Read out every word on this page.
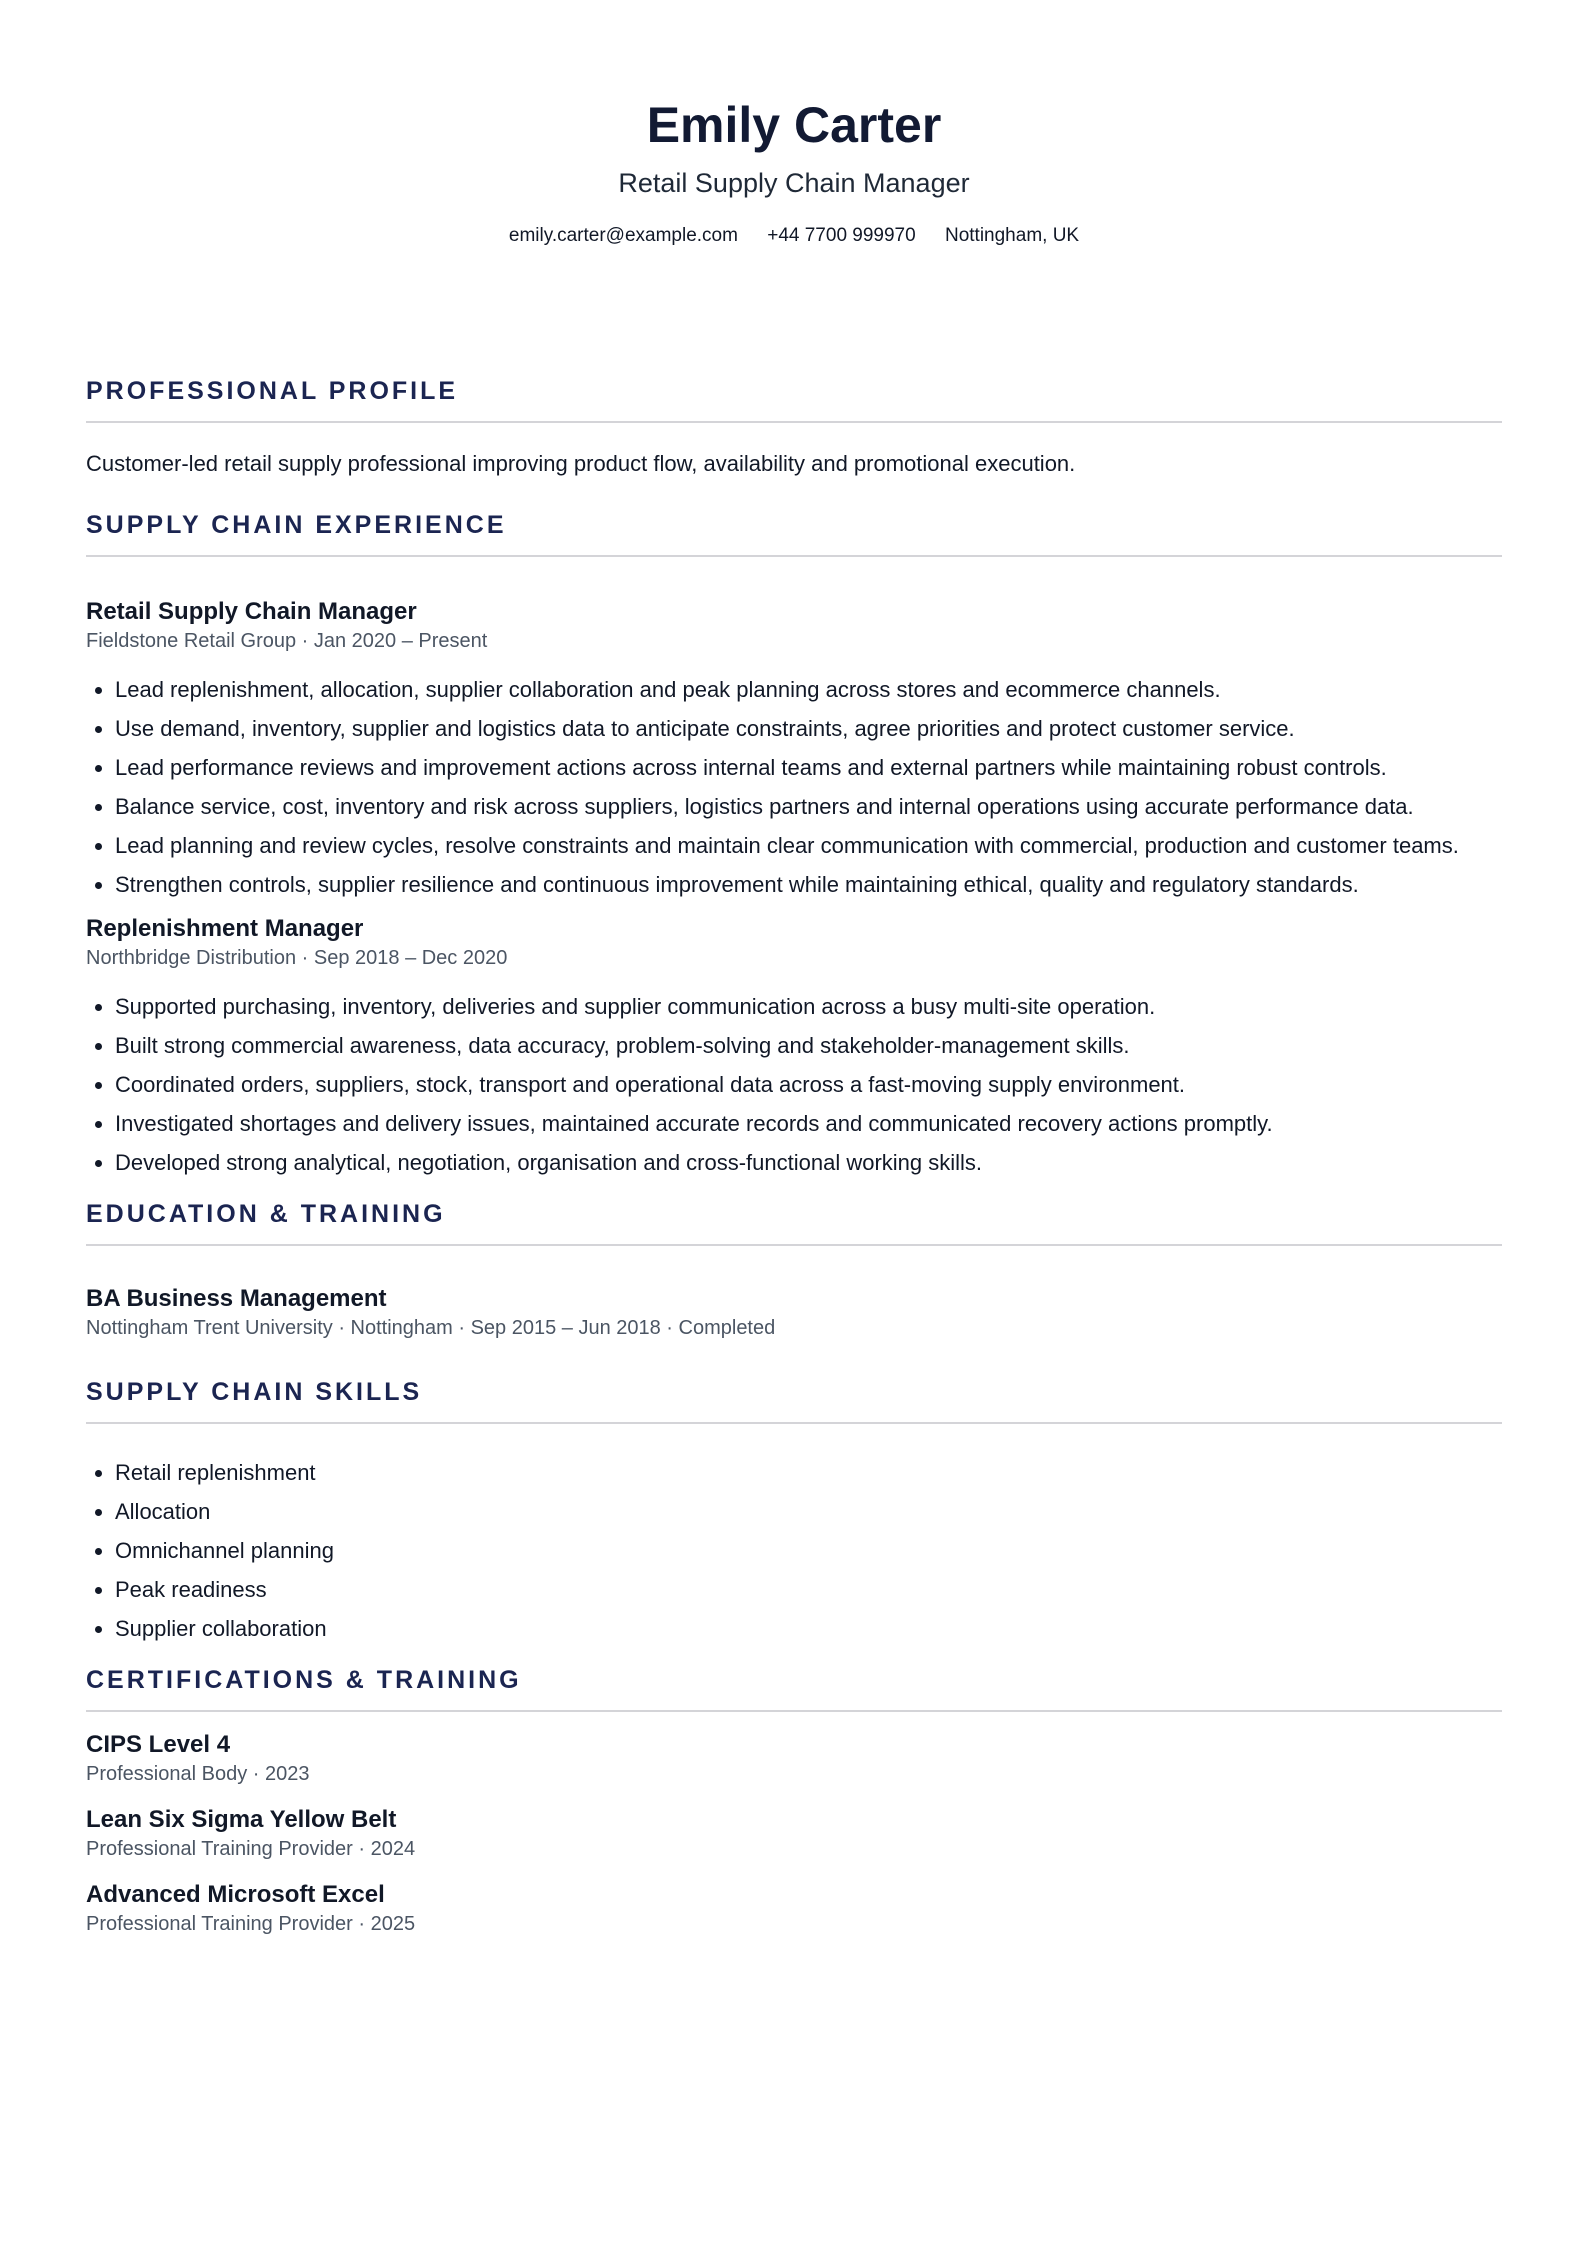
Emily Carter
Retail Supply Chain Manager
emily.carter@example.com +44 7700 999970 Nottingham, UK
PROFESSIONAL PROFILE

Customer-led retail supply professional improving product flow, availability and promotional execution.

SUPPLY CHAIN EXPERIENCE

Retail Supply Chain Manager

Fieldstone Retail Group · Jan 2020 – Present

• Lead replenishment, allocation, supplier collaboration and peak planning across stores and ecommerce channels.
• Use demand, inventory, supplier and logistics data to anticipate constraints, agree priorities and protect customer service.
• Lead performance reviews and improvement actions across internal teams and external partners while maintaining robust controls.
• Balance service, cost, inventory and risk across suppliers, logistics partners and internal operations using accurate performance data.
• Lead planning and review cycles, resolve constraints and maintain clear communication with commercial, production and customer teams.
• Strengthen controls, supplier resilience and continuous improvement while maintaining ethical, quality and regulatory standards.

Replenishment Manager

Northbridge Distribution · Sep 2018 – Dec 2020

• Supported purchasing, inventory, deliveries and supplier communication across a busy multi-site operation.
• Built strong commercial awareness, data accuracy, problem-solving and stakeholder-management skills.
• Coordinated orders, suppliers, stock, transport and operational data across a fast-moving supply environment.
• Investigated shortages and delivery issues, maintained accurate records and communicated recovery actions promptly.
• Developed strong analytical, negotiation, organisation and cross-functional working skills.
EDUCATION & TRAINING

BA Business Management

Nottingham Trent University · Nottingham · Sep 2015 – Jun 2018 · Completed

SUPPLY CHAIN SKILLS
• Retail replenishment
• Allocation
• Omnichannel planning
• Peak readiness
• Supplier collaboration
CERTIFICATIONS & TRAINING

CIPS Level 4

Professional Body · 2023

Lean Six Sigma Yellow Belt

Professional Training Provider · 2024

Advanced Microsoft Excel

Professional Training Provider · 2025
